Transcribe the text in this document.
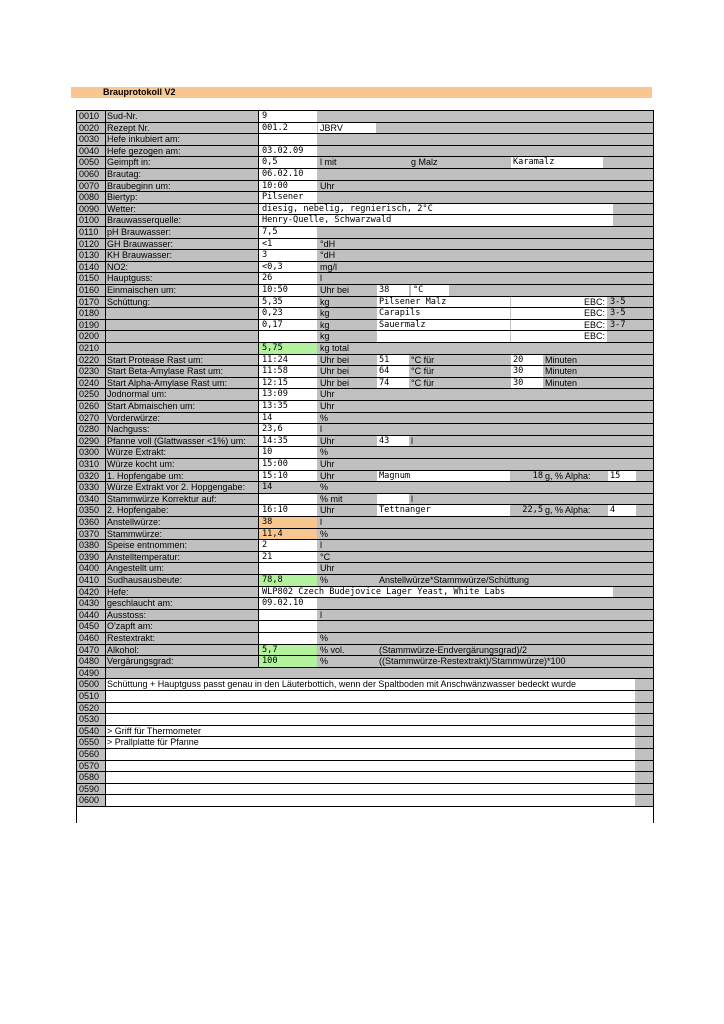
Brauprotokoll V2
0010 Sud-Nr.	9
0020 Rezept Nr.	001.2	JBRV
0030 Hefe inkubiert am:
0040 Hefe gezogen am:	03.02.09
0050 Geimpft in:	0,5	l mit	g Malz	Karamalz
0060 Brautag:	06.02.10
0070 Braubeginn um:	10:00	Uhr
0080 Biertyp:	Pilsener
0090 Wetter:	diesig, nebelig, regnierisch, 2°C
0100 Brauwasserquelle:	Henry-Quelle, Schwarzwald
0110 pH Brauwasser:	7,5
0120 GH Brauwasser:	<1	°dH
0130 KH Brauwasser:	3	°dH
0140 NO2:	<0,3	mg/l
0150 Hauptguss:	26	l
0160 Einmaischen um:	10:50	Uhr bei	38	°C
0170 Schüttung:	5,35	kg	Pilsener Malz	EBC: 3-5
0180	0,23	kg	Carapils	EBC: 3-5
0190	0,17	kg	Sauermalz	EBC: 3-7
0200	kg	EBC:
0210	5,75	kg total
0220 Start Protease Rast um:	11:24	Uhr bei	51	°C für	20	Minuten
0230 Start Beta-Amylase Rast um:	11:58	Uhr bei	64	°C für	30	Minuten
0240 Start Alpha-Amylase Rast um:	12:15	Uhr bei	74	°C für	30	Minuten
0250 Jodnormal um:	13:09	Uhr
0260 Start Abmaischen um:	13:35	Uhr
0270 Vorderwürze:	14	%
0280 Nachguss:	23,6	l
0290 Pfanne voll (Glattwasser <1%) um:	14:35	Uhr	43	l
0300 Würze Extrakt:	10	%
0310 Würze kocht um:	15:00	Uhr
0320 1. Hopfengabe um:	15:10	Uhr	Magnum	18 g, % Alpha:	15
0330 Würze Extrakt vor 2. Hopgengabe:	14	%
0340 Stammwürze Korrektur auf:	% mit	l
0350 2. Hopfengabe:	16:10	Uhr	Tettnanger	22,5 g, % Alpha:	4
0360 Anstellwürze:	38	l
0370 Stammwürze:	11,4	%
0380 Speise entnommen:	2	l
0390 Anstelltemperatur:	21	°C
0400 Angestellt um:	Uhr
0410 Sudhausausbeute:	78,8	%	Anstellwürze*Stammwürze/Schüttung
0420 Hefe:	WLP802 Czech Budejovice Lager Yeast, White Labs
0430 geschlaucht am:	09.02.10
0440 Ausstoss:	l
0450 O'zapft am:
0460 Restextrakt:	%
0470 Alkohol:	5,7	% vol.	(Stammwürze-Endvergärungsgrad)/2
0480 Vergärungsgrad:	100	%	((Stammwürze-Restextrakt)/Stammwürze)*100
0490
0500 Schüttung + Hauptguss passt genau in den Läuterbottich, wenn der Spaltboden mit Anschwänzwasser bedeckt wurde
0510
0520
0530
0540 > Griff für Thermometer
0550 > Prallplatte für Pfanne
0560
0570
0580
0590
0600
